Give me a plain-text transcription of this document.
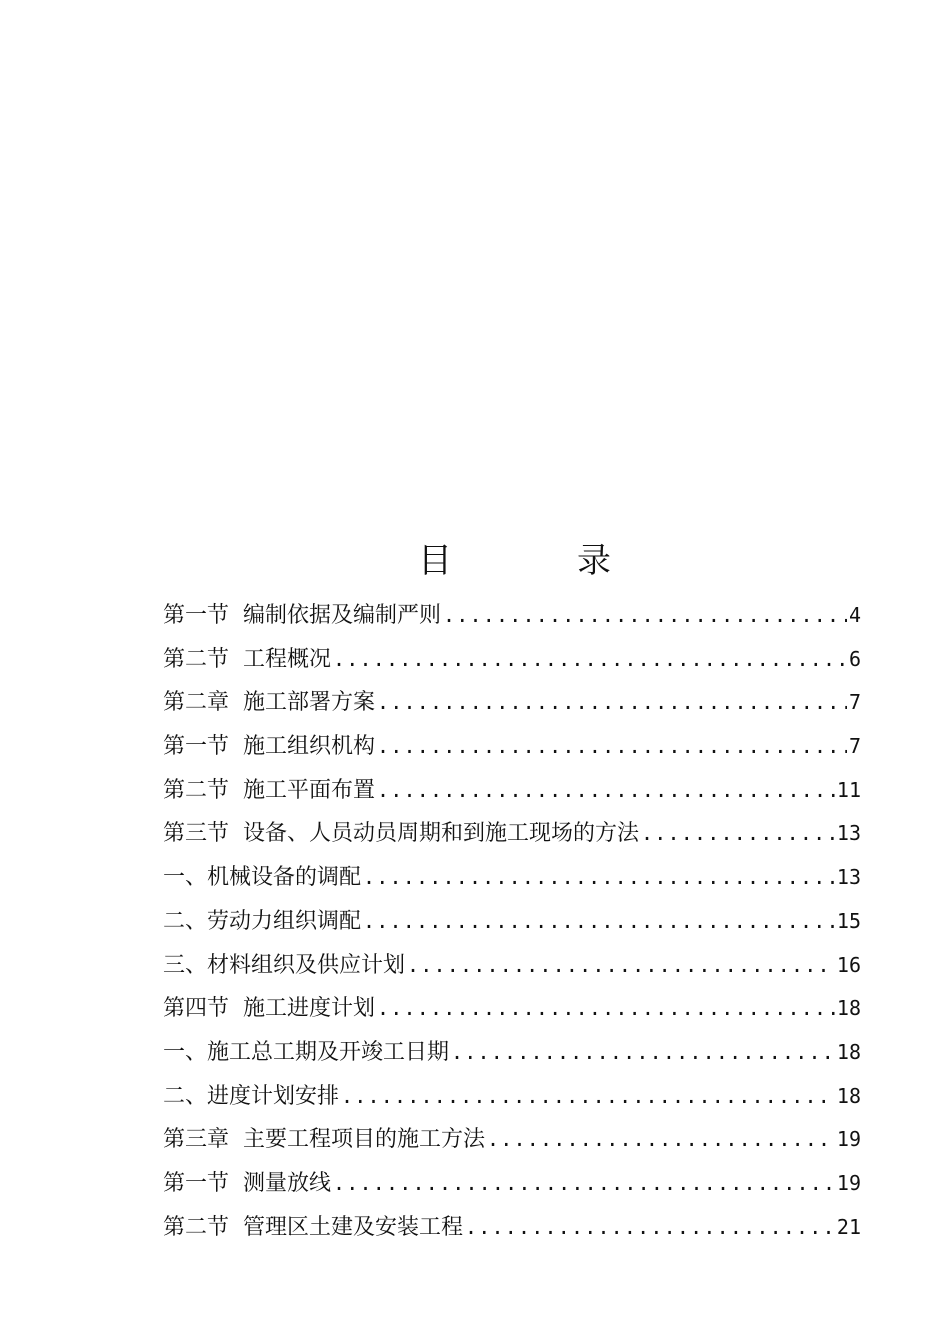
目	录
第一节 编制依据及编制严则 .....	4
第二节 工程概况 .....	6
第二章 施工部署方案 .....	7
第一节 施工组织机构 .....	7
第二节 施工平面布置 .....	11
第三节 设备、人员动员周期和到施工现场的方法 .....	13
一、机械设备的调配 .....	13
二、劳动力组织调配 .....	15
三、材料组织及供应计划 .....	16
第四节 施工进度计划 .....	18
一、施工总工期及开竣工日期 .....	18
二、进度计划安排 .....	18
第三章 主要工程项目的施工方法 .....	19
第一节 测量放线 .....	19
第二节 管理区土建及安装工程 .....	21
